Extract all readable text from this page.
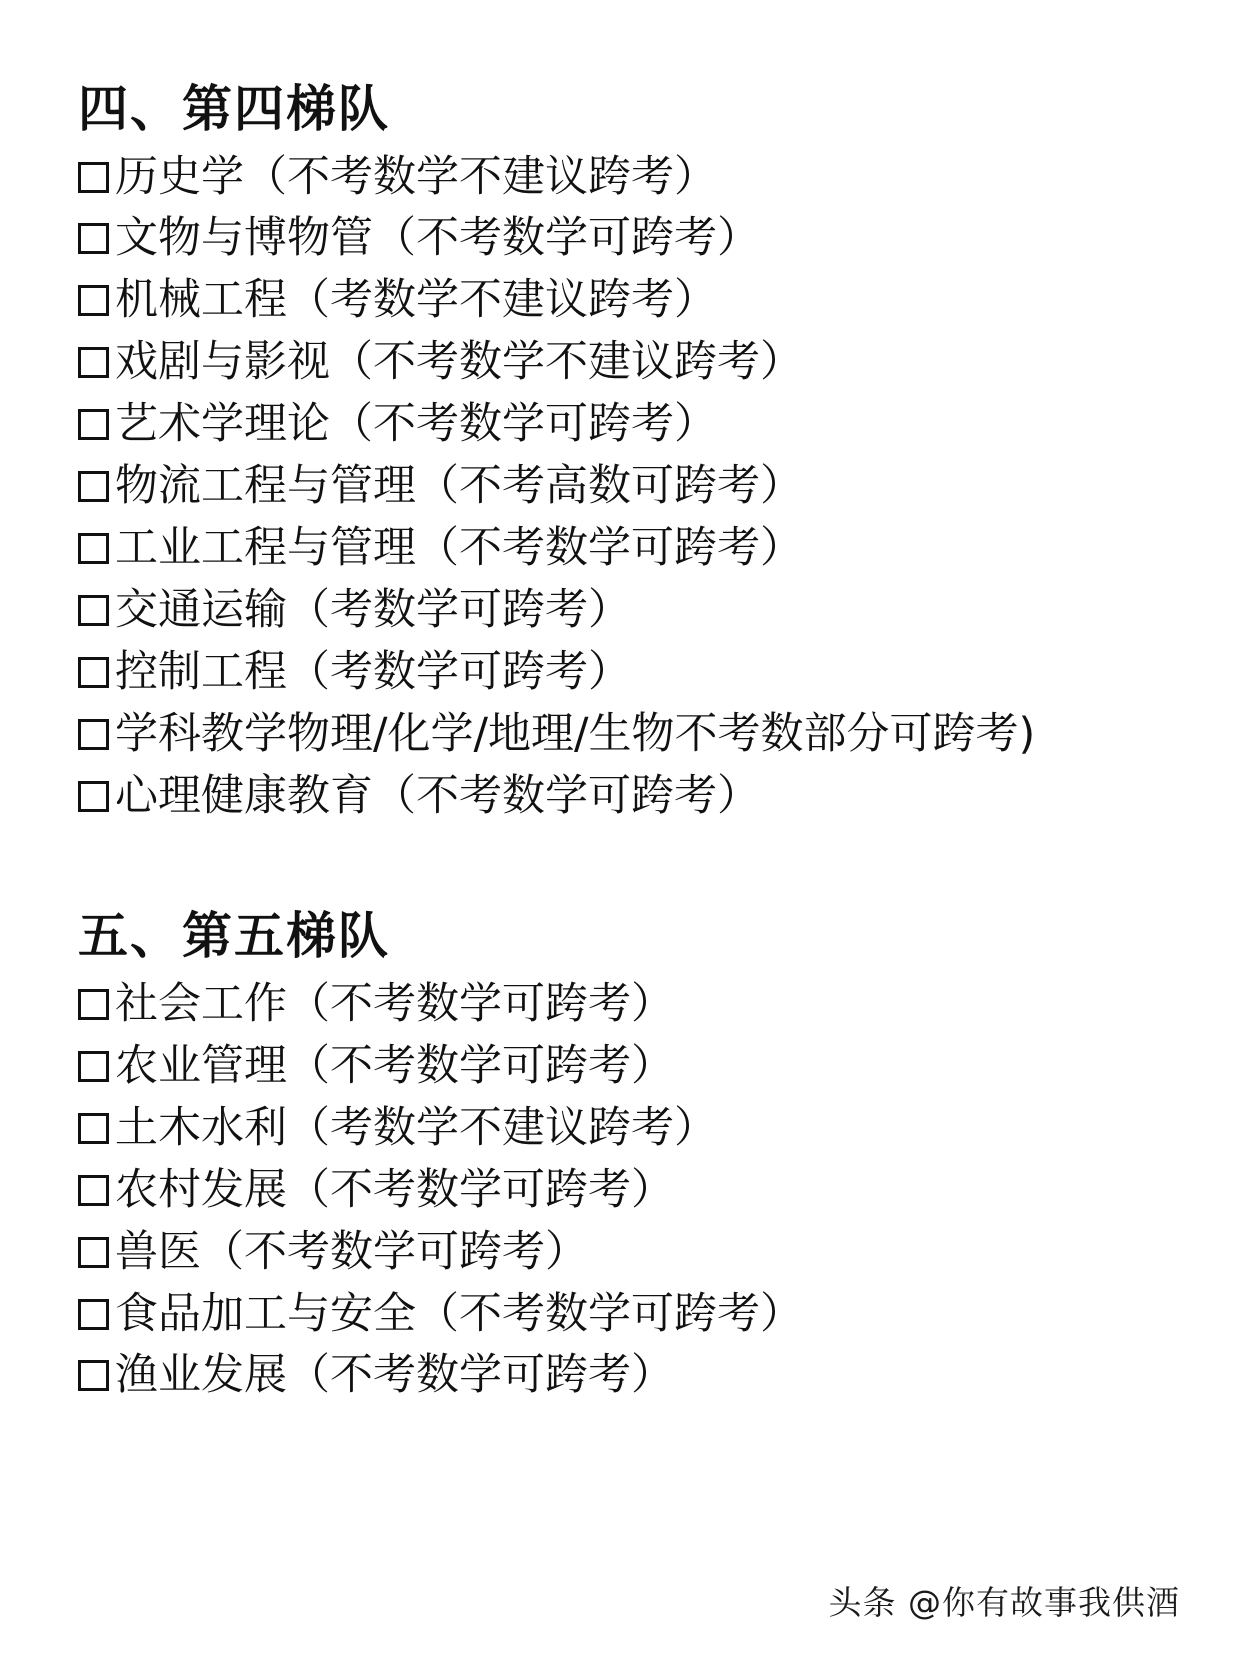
四、第四梯队
历史学（不考数学不建议跨考）
文物与博物管（不考数学可跨考）
机械工程（考数学不建议跨考）
戏剧与影视（不考数学不建议跨考）
艺术学理论（不考数学可跨考）
物流工程与管理（不考高数可跨考）
工业工程与管理（不考数学可跨考）
交通运输（考数学可跨考）
控制工程（考数学可跨考）
学科教学物理/化学/地理/生物不考数部分可跨考)
心理健康教育（不考数学可跨考）
五、第五梯队
社会工作（不考数学可跨考）
农业管理（不考数学可跨考）
土木水利（考数学不建议跨考）
农村发展（不考数学可跨考）
兽医（不考数学可跨考）
食品加工与安全（不考数学可跨考）
渔业发展（不考数学可跨考）
头条 @你有故事我供酒
